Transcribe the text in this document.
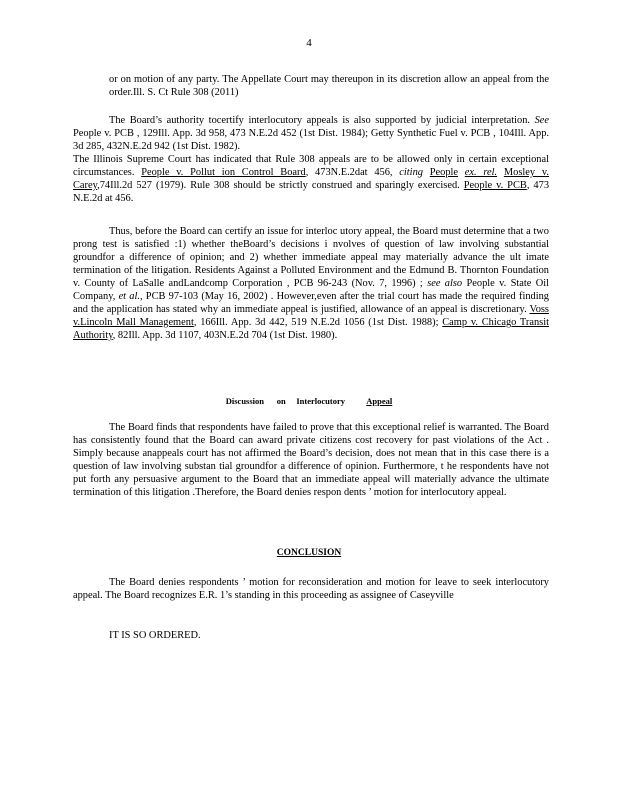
4

or on motion of any party. The Appellate Court may thereupon in its discretion allow an appeal from the order.Ill. S. Ct Rule 308 (2011)

The Board’s authority tocertify interlocutory appeals is also supported by judicial interpretation. See People v. PCB , 129Ill. App. 3d 958, 473 N.E.2d 452 (1st Dist. 1984); Getty Synthetic Fuel v. PCB , 104Ill. App. 3d 285, 432N.E.2d 942 (1st Dist. 1982).

The Illinois Supreme Court has indicated that Rule 308 appeals are to be allowed only in certain exceptional circumstances. People v. Pollut ion Control Board, 473N.E.2dat 456, citing People ex. rel. Mosley v. Carey,74Ill.2d 527 (1979). Rule 308 should be strictly construed and sparingly exercised. People v. PCB, 473 N.E.2d at 456.

Thus, before the Board can certify an issue for interloc utory appeal, the Board must determine that a two prong test is satisfied :1) whether theBoard’s decisions i nvolves of question of law involving substantial groundfor a difference of opinion; and 2) whether immediate appeal may materially advance the ult imate termination of the litigation. Residents Against a Polluted Environment and the Edmund B. Thornton Foundation v. County of LaSalle andLandcomp Corporation , PCB 96-243 (Nov. 7, 1996) ; see also People v. State Oil Company, et al., PCB 97-103 (May 16, 2002) . However,even after the trial court has made the required finding and the application has stated why an immediate appeal is justified, allowance of an appeal is discretionary. Voss v.Lincoln Mall Management, 166Ill. App. 3d 442, 519 N.E.2d 1056 (1st Dist. 1988); Camp v. Chicago Transit Authority, 82Ill. App. 3d 1107, 403N.E.2d 704 (1st Dist. 1980).

Discussion on Interlocutory	Appeal

The Board finds that respondents have failed to prove that this exceptional relief is warranted. The Board has consistently found that the Board can award private citizens cost recovery for past violations of the Act . Simply because anappeals court has not affirmed the Board’s decision, does not mean that in this case there is a question of law involving substan tial groundfor a difference of opinion. Furthermore, t he respondents have not put forth any persuasive argument to the Board that an immediate appeal will materially advance the ultimate termination of this litigation .Therefore, the Board denies respon dents ’ motion for interlocutory appeal.

CONCLUSION

The Board denies respondents ’ motion for reconsideration and motion for leave to seek interlocutory appeal. The Board recognizes E.R. 1’s standing in this proceeding as assignee of Caseyville

IT IS SO ORDERED.
